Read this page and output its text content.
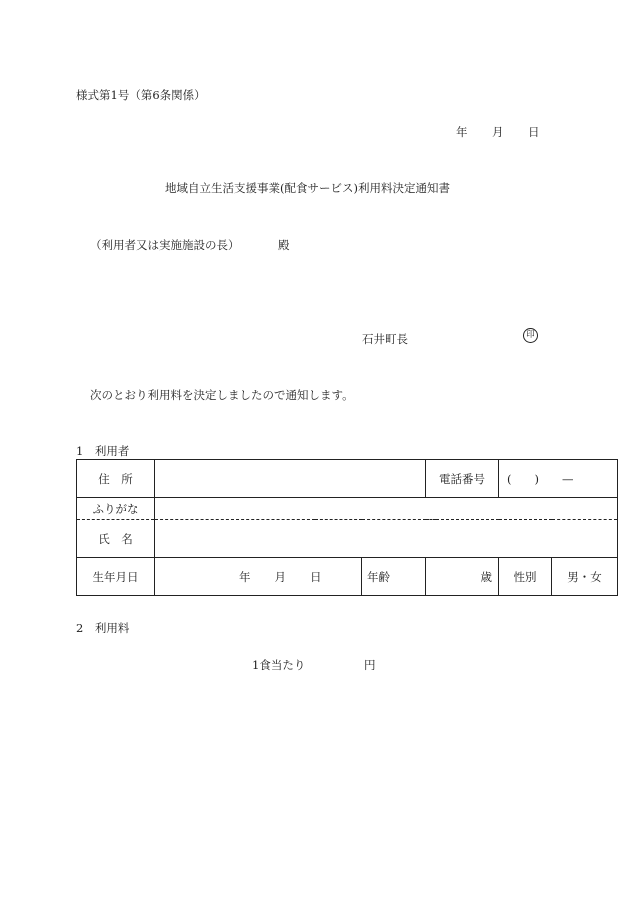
様式第1号（第6条関係）
年 月 日
地域自立生活支援事業(配食サービス)利用料決定通知書
（利用者又は実施施設の長）	殿
石井町長	印
次のとおり利用料を決定しましたので通知します。
1　利用者
住　所			電話番号	(　　)　　—	
ふりがな					
氏　名					
生年月日	年 月 日	年齢	歳	性別	男・女
2　利用料
1食当たり	円
